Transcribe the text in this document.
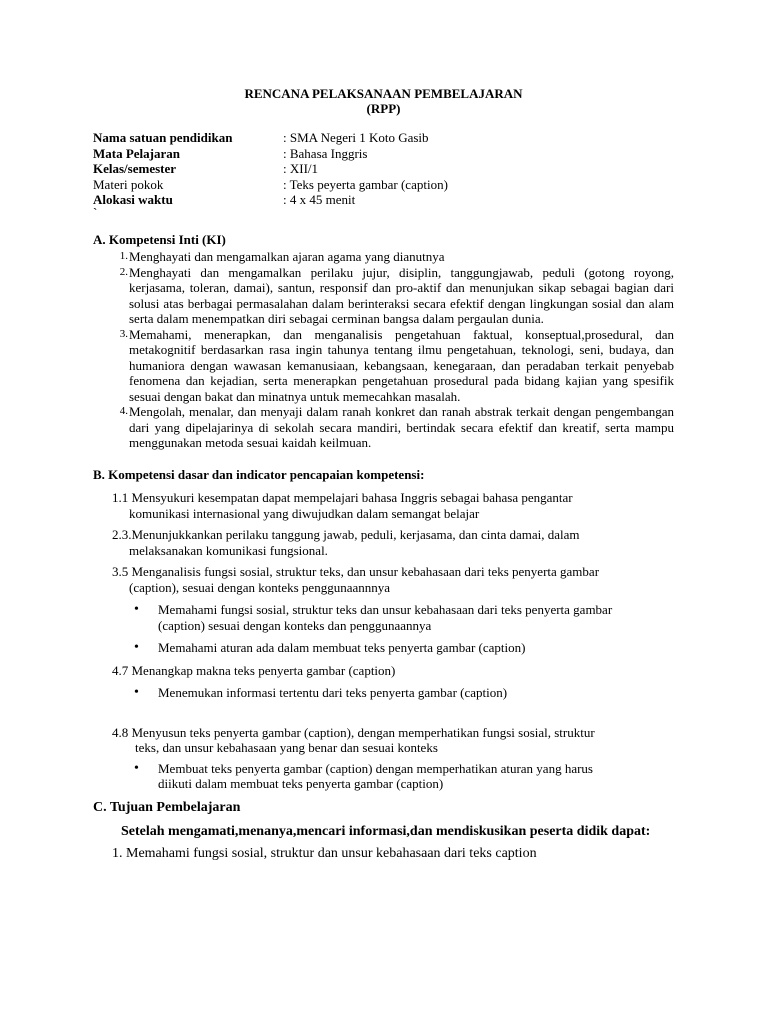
RENCANA PELAKSANAAN PEMBELAJARAN
(RPP)
Nama satuan pendidikan	: SMA Negeri 1 Koto Gasib
Mata Pelajaran	: Bahasa Inggris
Kelas/semester	: XII/1
Materi pokok	: Teks peyerta gambar (caption)
Alokasi waktu	: 4 x 45 menit
`
A. Kompetensi Inti (KI)
1. Menghayati dan mengamalkan ajaran agama yang dianutnya
2. Menghayati dan mengamalkan perilaku jujur, disiplin, tanggungjawab, peduli (gotong royong, kerjasama, toleran, damai), santun, responsif dan pro-aktif dan menunjukan sikap sebagai bagian dari solusi atas berbagai permasalahan dalam berinteraksi secara efektif dengan lingkungan sosial dan alam serta dalam menempatkan diri sebagai cerminan bangsa dalam pergaulan dunia.
3. Memahami, menerapkan, dan menganalisis pengetahuan faktual, konseptual,prosedural, dan metakognitif berdasarkan rasa ingin tahunya tentang ilmu pengetahuan, teknologi, seni, budaya, dan humaniora dengan wawasan kemanusiaan, kebangsaan, kenegaraan, dan peradaban terkait penyebab fenomena dan kejadian, serta menerapkan pengetahuan prosedural pada bidang kajian yang spesifik sesuai dengan bakat dan minatnya untuk memecahkan masalah.
4. Mengolah, menalar, dan menyaji dalam ranah konkret dan ranah abstrak terkait dengan pengembangan dari yang dipelajarinya di sekolah secara mandiri, bertindak secara efektif dan kreatif, serta mampu menggunakan metoda sesuai kaidah keilmuan.
B. Kompetensi dasar dan indicator pencapaian kompetensi:
1.1 Mensyukuri kesempatan dapat mempelajari bahasa Inggris sebagai bahasa pengantar
komunikasi internasional yang diwujudkan dalam semangat belajar
2.3.Menunjukkankan perilaku tanggung jawab, peduli, kerjasama, dan cinta damai, dalam
melaksanakan komunikasi fungsional.
3.5 Menganalisis fungsi sosial, struktur teks, dan unsur kebahasaan dari teks penyerta gambar
(caption), sesuai dengan konteks penggunaannnya
•	Memahami fungsi sosial, struktur teks dan unsur kebahasaan dari teks penyerta gambar
(caption) sesuai dengan konteks dan penggunaannya
•	Memahami aturan ada dalam membuat teks penyerta gambar (caption)
4.7 Menangkap makna teks penyerta gambar (caption)
•	Menemukan informasi tertentu dari teks penyerta gambar (caption)
4.8 Menyusun teks penyerta gambar (caption), dengan memperhatikan fungsi sosial, struktur
teks, dan unsur kebahasaan yang benar dan sesuai konteks
•	Membuat teks penyerta gambar (caption) dengan memperhatikan aturan yang harus
diikuti dalam membuat teks penyerta gambar (caption)
C. Tujuan Pembelajaran
Setelah mengamati,menanya,mencari informasi,dan mendiskusikan peserta didik dapat:
1. Memahami fungsi sosial, struktur dan unsur kebahasaan dari teks caption
